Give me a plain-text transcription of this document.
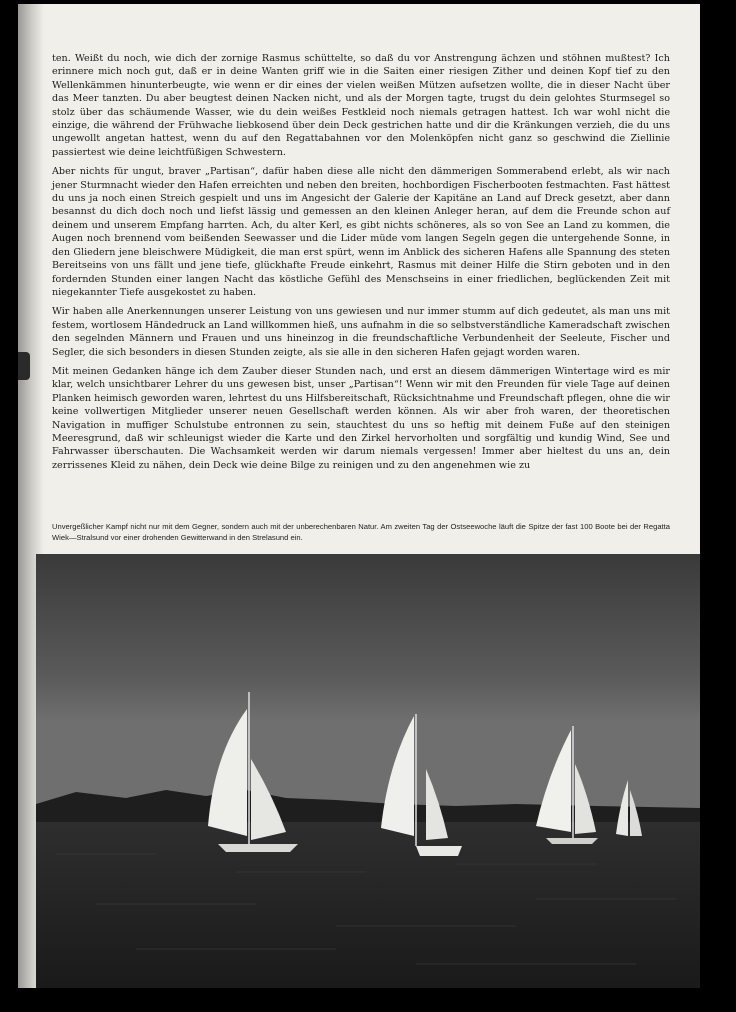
ten. Weißt du noch, wie dich der zornige Rasmus schüttelte, so daß du vor Anstrengung ächzen und stöhnen mußtest? Ich erinnere mich noch gut, daß er in deine Wanten griff wie in die Saiten einer riesigen Zither und deinen Kopf tief zu den Wellenkämmen hinunterbeugte, wie wenn er dir eines der vielen weißen Mützen aufsetzen wollte, die in dieser Nacht über das Meer tanzten. Du aber beugtest deinen Nacken nicht, und als der Morgen tagte, trugst du dein gelohtes Sturmsegel so stolz über das schäumende Wasser, wie du dein weißes Festkleid noch niemals getragen hattest. Ich war wohl nicht die einzige, die während der Frühwache liebkosend über dein Deck gestrichen hatte und dir die Kränkungen verzieh, die du uns ungewollt angetan hattest, wenn du auf den Regattabahnen vor den Molenköpfen nicht ganz so geschwind die Ziellinie passiertest wie deine leichtfüßigen Schwestern.

Aber nichts für ungut, braver „Partisan“, dafür haben diese alle nicht den dämmerigen Sommerabend erlebt, als wir nach jener Sturmnacht wieder den Hafen erreichten und neben den breiten, hochbordigen Fischerbooten festmachten. Fast hättest du uns ja noch einen Streich gespielt und uns im Angesicht der Galerie der Kapitäne an Land auf Dreck gesetzt, aber dann besannst du dich doch noch und liefst lässig und gemessen an den kleinen Anleger heran, auf dem die Freunde schon auf deinem und unserem Empfang harrten. Ach, du alter Kerl, es gibt nichts schöneres, als so von See an Land zu kommen, die Augen noch brennend vom beißenden Seewasser und die Lider müde vom langen Segeln gegen die untergehende Sonne, in den Gliedern jene bleischwere Müdigkeit, die man erst spürt, wenn im Anblick des sicheren Hafens alle Spannung des steten Bereitseins von uns fällt und jene tiefe, glückhafte Freude einkehrt, Rasmus mit deiner Hilfe die Stirn geboten und in den fordernden Stunden einer langen Nacht das köstliche Gefühl des Menschseins in einer friedlichen, beglückenden Zeit mit niegekannter Tiefe ausgekostet zu haben.

Wir haben alle Anerkennungen unserer Leistung von uns gewiesen und nur immer stumm auf dich gedeutet, als man uns mit festem, wortlosem Händedruck an Land willkommen hieß, uns aufnahm in die so selbstverständliche Kameradschaft zwischen den segelnden Männern und Frauen und uns hineinzog in die freundschaftliche Verbundenheit der Seeleute, Fischer und Segler, die sich besonders in diesen Stunden zeigte, als sie alle in den sicheren Hafen gejagt worden waren.

Mit meinen Gedanken hänge ich dem Zauber dieser Stunden nach, und erst an diesem dämmerigen Wintertage wird es mir klar, welch unsichtbarer Lehrer du uns gewesen bist, unser „Partisan“! Wenn wir mit den Freunden für viele Tage auf deinen Planken heimisch geworden waren, lehrtest du uns Hilfsbereitschaft, Rücksichtnahme und Freundschaft pflegen, ohne die wir keine vollwertigen Mitglieder unserer neuen Gesellschaft werden können. Als wir aber froh waren, der theoretischen Navigation in muffiger Schulstube entronnen zu sein, stauchtest du uns so heftig mit deinem Fuße auf den steinigen Meeresgrund, daß wir schleunigst wieder die Karte und den Zirkel hervorholten und sorgfältig und kundig Wind, See und Fahrwasser überschauten. Die Wachsamkeit werden wir darum niemals vergessen! Immer aber hieltest du uns an, dein zerrissenes Kleid zu nähen, dein Deck wie deine Bilge zu reinigen und zu den angenehmen wie zu

Unvergeßlicher Kampf nicht nur mit dem Gegner, sondern auch mit der unberechenbaren Natur. Am zweiten Tag der Ostseewoche läuft die Spitze der fast 100 Boote bei der Regatta Wiek—Stralsund vor einer drohenden Gewitterwand in den Strelasund ein.
